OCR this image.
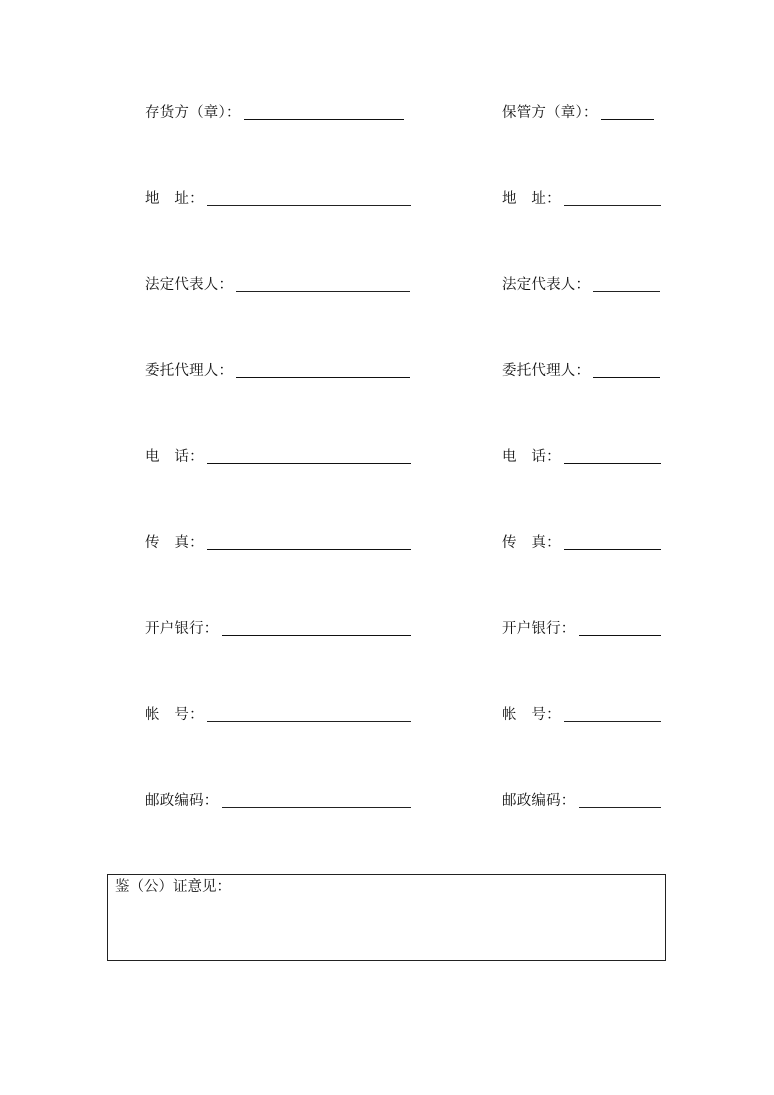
存货方（章）：
地　址：
法定代表人：
委托代理人：
电　话：
传　真：
开户银行：
帐　号：
邮政编码：
保管方（章）：
地　址：
法定代表人：
委托代理人：
电　话：
传　真：
开户银行：
帐　号：
邮政编码：
鉴（公）证意见：
